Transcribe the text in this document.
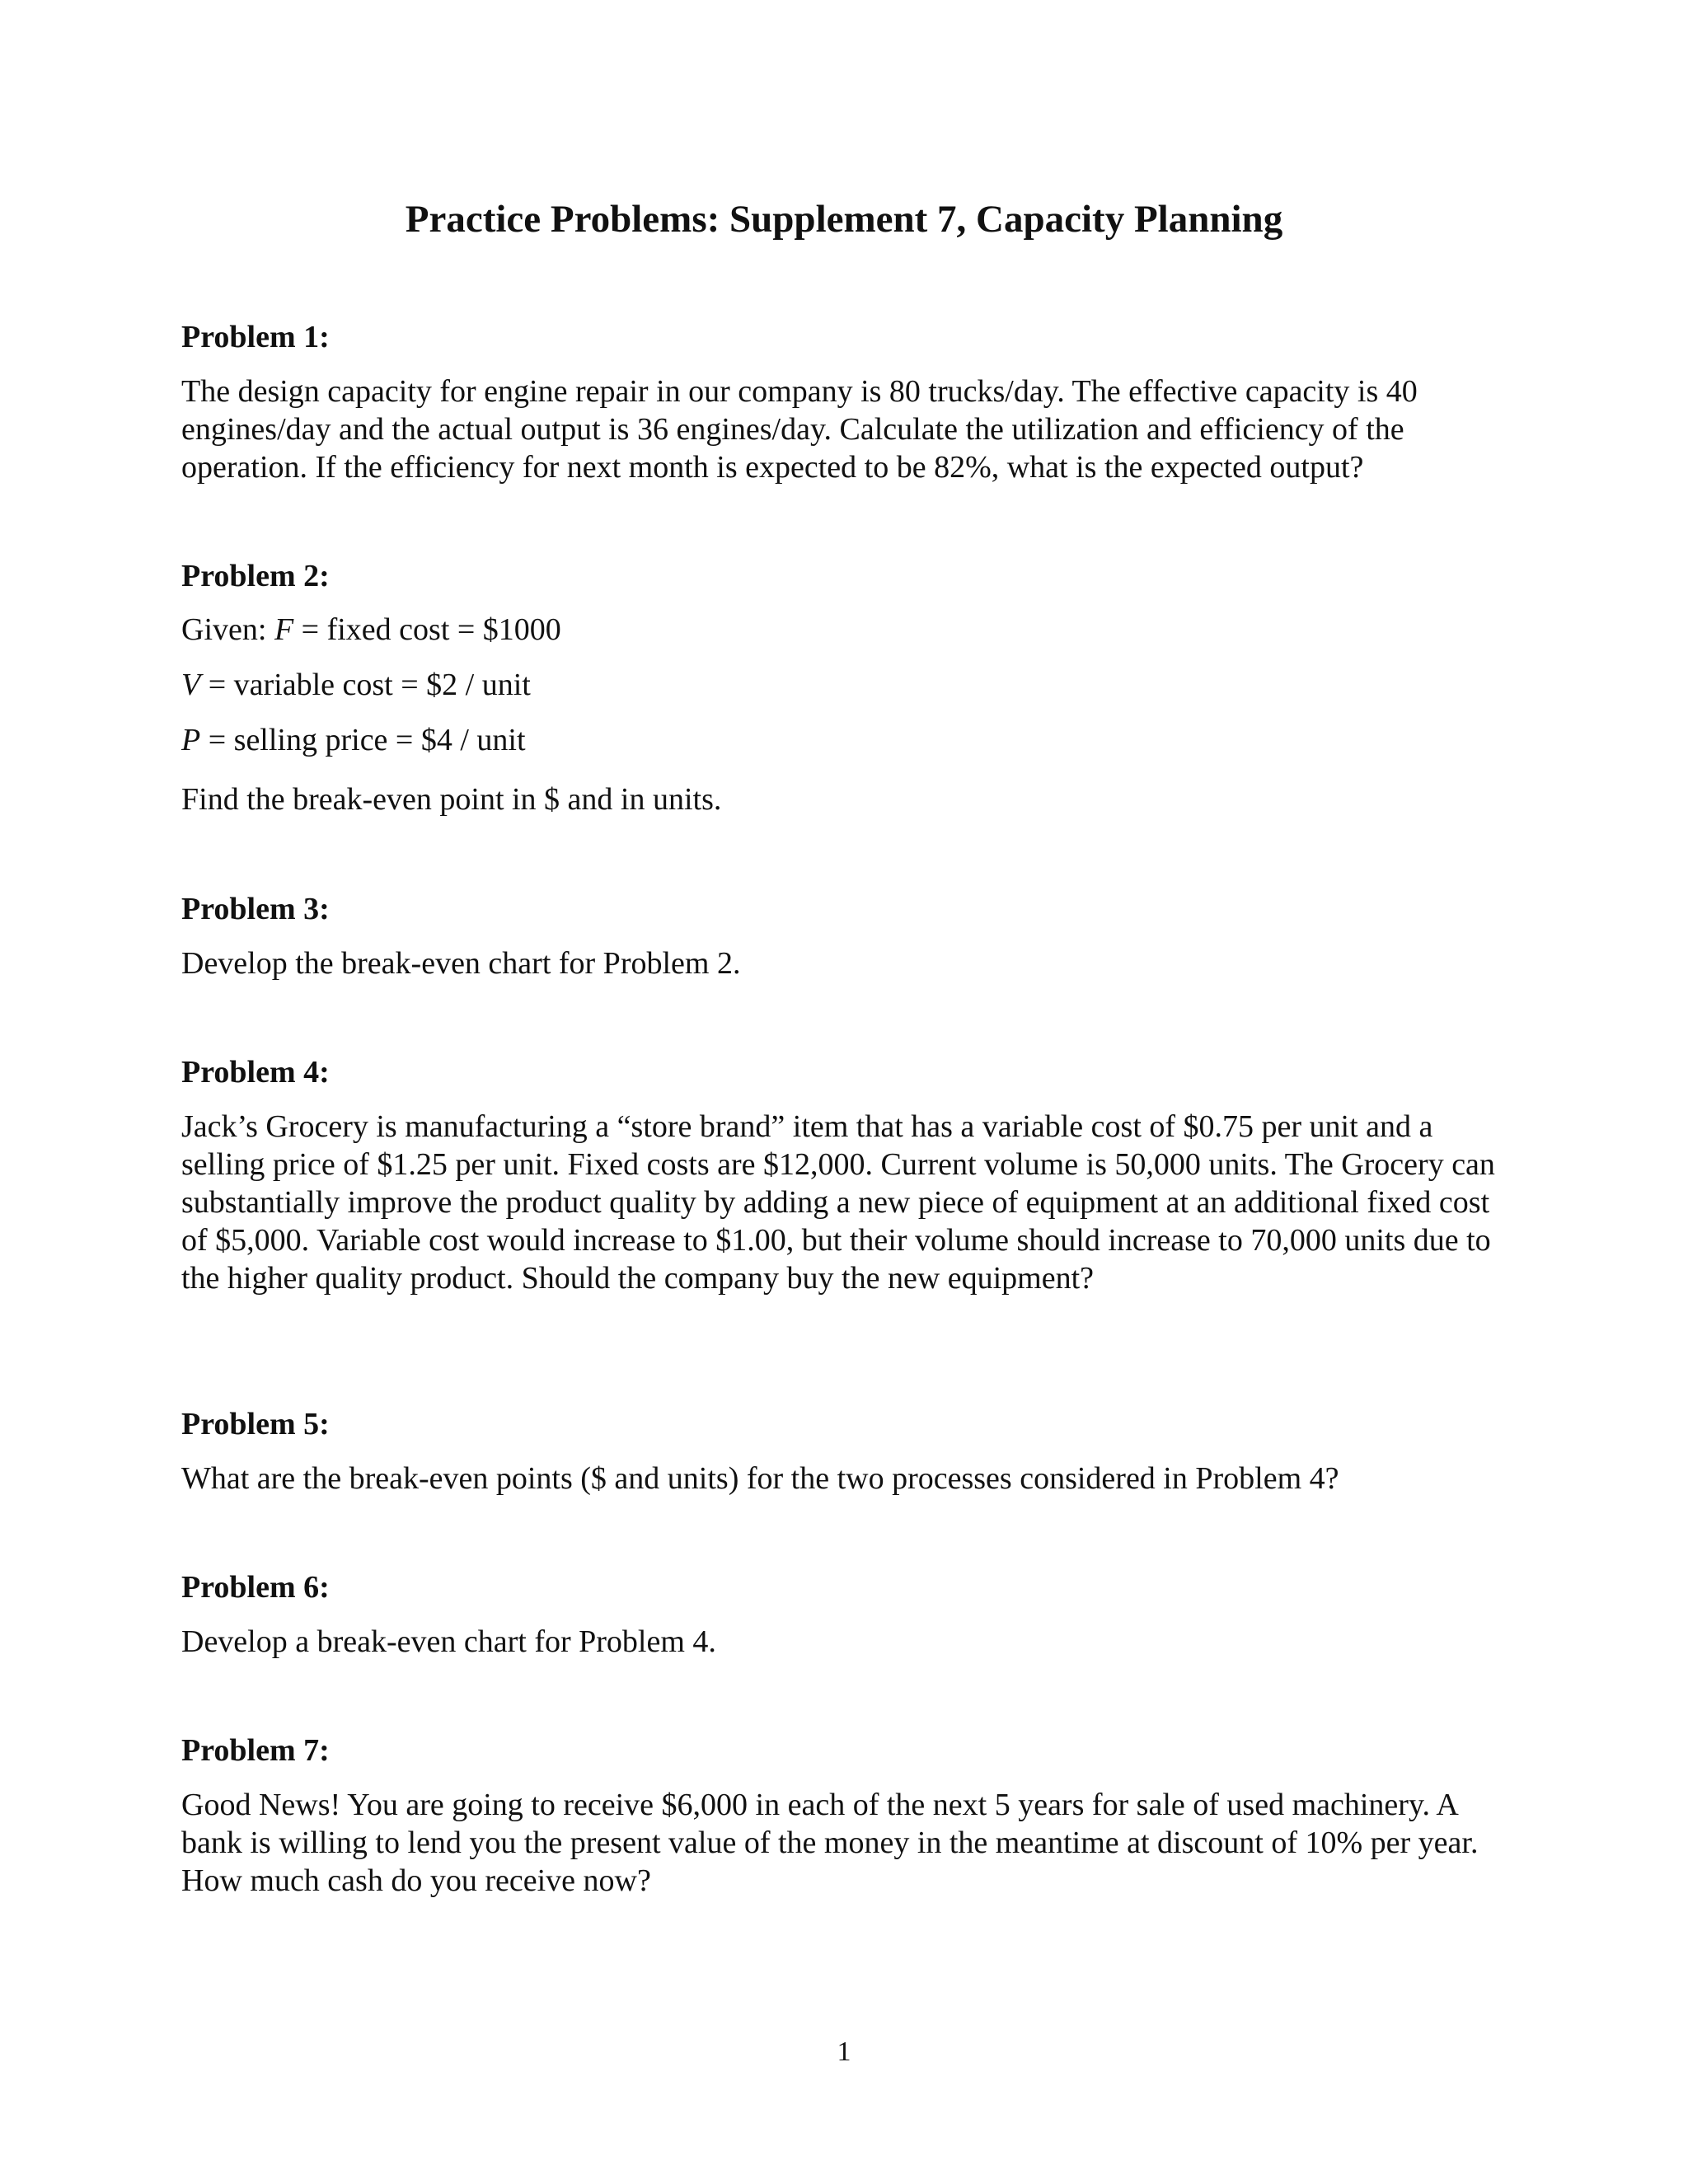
Practice Problems: Supplement 7, Capacity Planning
Problem 1:
The design capacity for engine repair in our company is 80 trucks/day. The effective capacity is 40 engines/day and the actual output is 36 engines/day. Calculate the utilization and efficiency of the operation. If the efficiency for next month is expected to be 82%, what is the expected output?
Problem 2:
Given: F = fixed cost = $1000
V = variable cost = $2 / unit
P = selling price = $4 / unit
Find the break-even point in $ and in units.
Problem 3:
Develop the break-even chart for Problem 2.
Problem 4:
Jack’s Grocery is manufacturing a “store brand” item that has a variable cost of $0.75 per unit and a selling price of $1.25 per unit. Fixed costs are $12,000. Current volume is 50,000 units. The Grocery can substantially improve the product quality by adding a new piece of equipment at an additional fixed cost of $5,000. Variable cost would increase to $1.00, but their volume should increase to 70,000 units due to the higher quality product. Should the company buy the new equipment?
Problem 5:
What are the break-even points ($ and units) for the two processes considered in Problem 4?
Problem 6:
Develop a break-even chart for Problem 4.
Problem 7:
Good News! You are going to receive $6,000 in each of the next 5 years for sale of used machinery. A bank is willing to lend you the present value of the money in the meantime at discount of 10% per year. How much cash do you receive now?
1
